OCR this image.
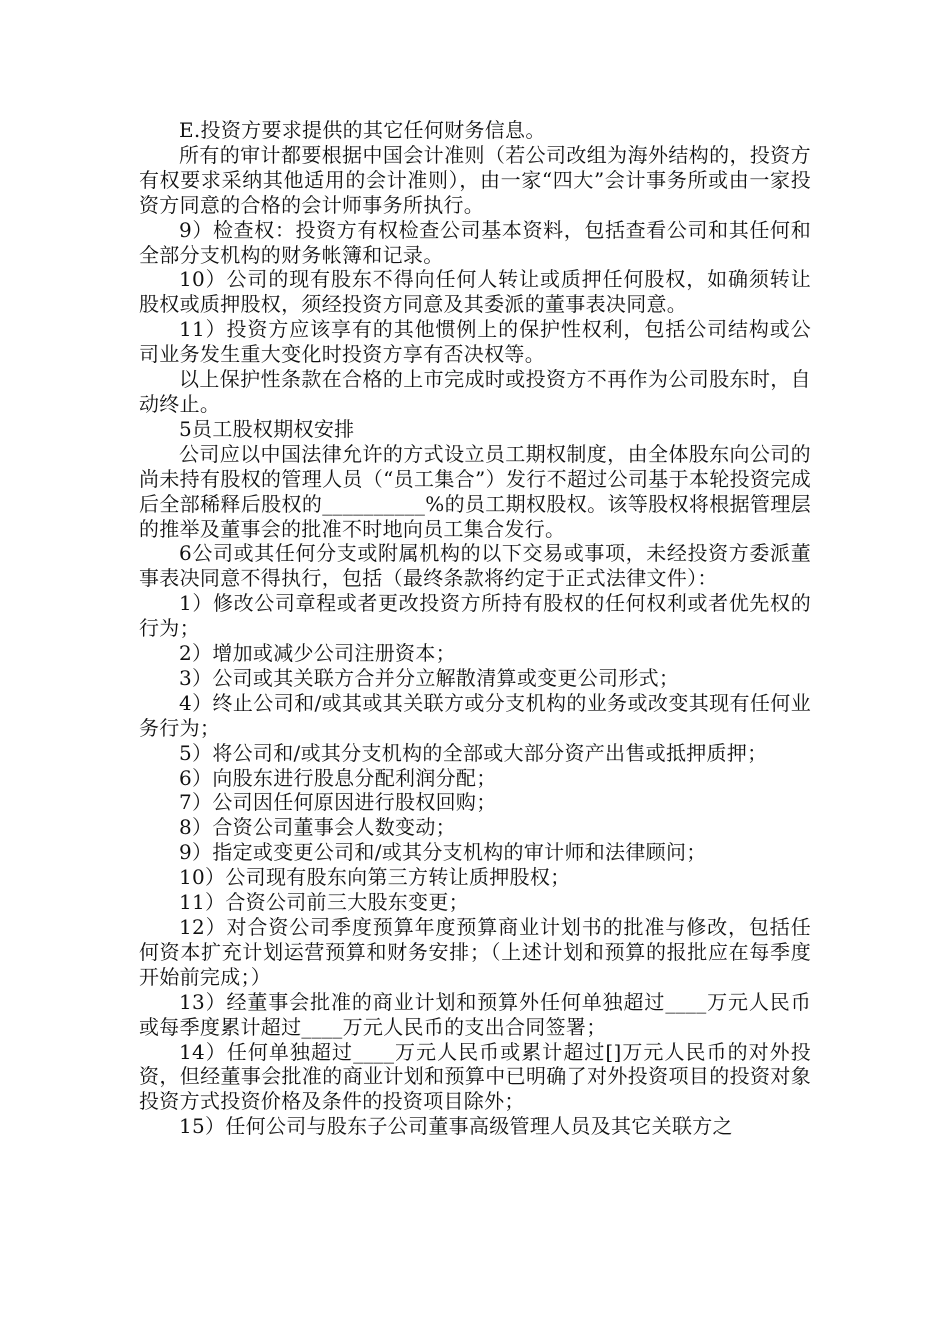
E.投资方要求提供的其它任何财务信息。

所有的审计都要根据中国会计准则（若公司改组为海外结构的，投资方有权要求采纳其他适用的会计准则），由一家“四大”会计事务所或由一家投资方同意的合格的会计师事务所执行。

9）检查权：投资方有权检查公司基本资料，包括查看公司和其任何和全部分支机构的财务帐簿和记录。

10）公司的现有股东不得向任何人转让或质押任何股权，如确须转让股权或质押股权，须经投资方同意及其委派的董事表决同意。

11）投资方应该享有的其他惯例上的保护性权利，包括公司结构或公司业务发生重大变化时投资方享有否决权等。

以上保护性条款在合格的上市完成时或投资方不再作为公司股东时，自动终止。

5员工股权期权安排

公司应以中国法律允许的方式设立员工期权制度，由全体股东向公司的尚未持有股权的管理人员（“员工集合”）发行不超过公司基于本轮投资完成后全部稀释后股权的__________%的员工期权股权。该等股权将根据管理层的推举及董事会的批准不时地向员工集合发行。

6公司或其任何分支或附属机构的以下交易或事项，未经投资方委派董事表决同意不得执行，包括（最终条款将约定于正式法律文件）：

1）修改公司章程或者更改投资方所持有股权的任何权利或者优先权的行为；

2）增加或减少公司注册资本；

3）公司或其关联方合并分立解散清算或变更公司形式；

4）终止公司和/或其或其关联方或分支机构的业务或改变其现有任何业务行为；

5）将公司和/或其分支机构的全部或大部分资产出售或抵押质押；

6）向股东进行股息分配利润分配；

7）公司因任何原因进行股权回购；

8）合资公司董事会人数变动；

9）指定或变更公司和/或其分支机构的审计师和法律顾问；

10）公司现有股东向第三方转让质押股权；

11）合资公司前三大股东变更；

12）对合资公司季度预算年度预算商业计划书的批准与修改，包括任何资本扩充计划运营预算和财务安排；（上述计划和预算的报批应在每季度开始前完成；）

13）经董事会批准的商业计划和预算外任何单独超过____万元人民币或每季度累计超过____万元人民币的支出合同签署；

14）任何单独超过____万元人民币或累计超过[]万元人民币的对外投资，但经董事会批准的商业计划和预算中已明确了对外投资项目的投资对象投资方式投资价格及条件的投资项目除外；

15）任何公司与股东子公司董事高级管理人员及其它关联方之
